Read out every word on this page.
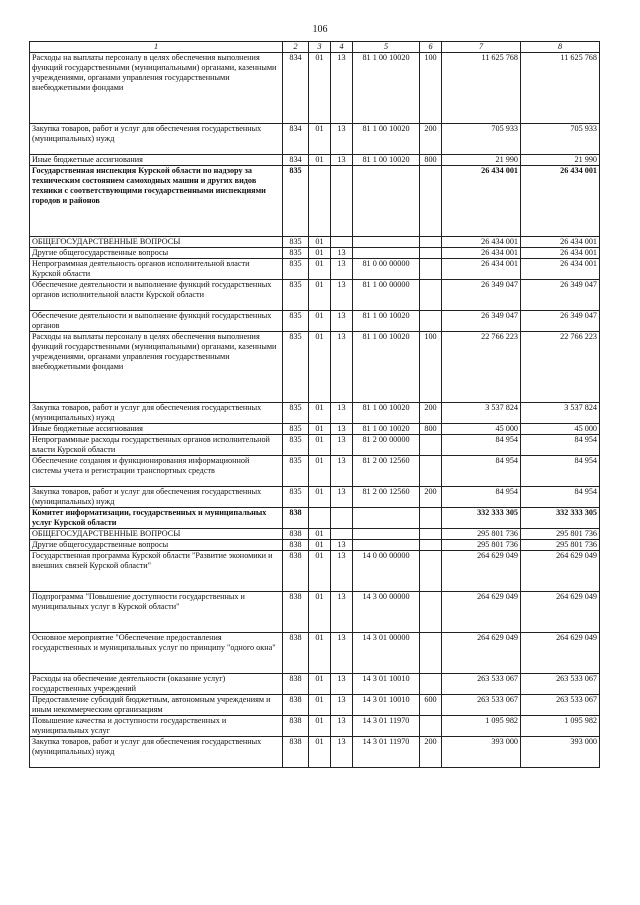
106
1	2	3	4	5	6	7	8
Расходы на выплаты персоналу в целях обеспечения выполнения функций государственными (муниципальными) органами, казенными учреждениями, органами управления государственными внебюджетными фондами	834	01	13	81 1 00 10020	100	11 625 768	11 625 768
Закупка товаров, работ и услуг для обеспечения государственных (муниципальных) нужд	834	01	13	81 1 00 10020	200	705 933	705 933
Иные бюджетные ассигнования	834	01	13	81 1 00 10020	800	21 990	21 990
Государственная инспекция Курской области по надзору за техническим состоянием самоходных машин и других видов техники с соответствующими государственными инспекциями городов и районов	835					26 434 001	26 434 001
ОБЩЕГОСУДАРСТВЕННЫЕ ВОПРОСЫ	835	01				26 434 001	26 434 001
Другие общегосударственные вопросы	835	01	13			26 434 001	26 434 001
Непрограммная деятельность органов исполнительной власти Курской области	835	01	13	81 0 00 00000		26 434 001	26 434 001
Обеспечение деятельности и выполнение функций государственных органов исполнительной власти Курской области	835	01	13	81 1 00 00000		26 349 047	26 349 047
Обеспечение деятельности и выполнение функций государственных органов	835	01	13	81 1 00 10020		26 349 047	26 349 047
Расходы на выплаты персоналу в целях обеспечения выполнения функций государственными (муниципальными) органами, казенными учреждениями, органами управления государственными внебюджетными фондами	835	01	13	81 1 00 10020	100	22 766 223	22 766 223
Закупка товаров, работ и услуг для обеспечения государственных (муниципальных) нужд	835	01	13	81 1 00 10020	200	3 537 824	3 537 824
Иные бюджетные ассигнования	835	01	13	81 1 00 10020	800	45 000	45 000
Непрограммные расходы государственных органов исполнительной власти Курской области	835	01	13	81 2 00 00000		84 954	84 954
Обеспечение создания и функционирования информационной системы учета и регистрации транспортных средств	835	01	13	81 2 00 12560		84 954	84 954
Закупка товаров, работ и услуг для обеспечения государственных (муниципальных) нужд	835	01	13	81 2 00 12560	200	84 954	84 954
Комитет информатизации, государственных и муниципальных услуг Курской области	838					332 333 305	332 333 305
ОБЩЕГОСУДАРСТВЕННЫЕ ВОПРОСЫ	838	01				295 801 736	295 801 736
Другие общегосударственные вопросы	838	01	13			295 801 736	295 801 736
Государственная программа Курской области "Развитие экономики и внешних связей Курской области"	838	01	13	14 0 00 00000		264 629 049	264 629 049
Подпрограмма "Повышение доступности государственных и муниципальных услуг в Курской области"	838	01	13	14 3 00 00000		264 629 049	264 629 049
Основное мероприятие "Обеспечение предоставления государственных и муниципальных услуг по принципу "одного окна"	838	01	13	14 3 01 00000		264 629 049	264 629 049
Расходы на обеспечение деятельности (оказание услуг) государственных учреждений	838	01	13	14 3 01 10010		263 533 067	263 533 067
Предоставление субсидий бюджетным, автономным учреждениям и иным некоммерческим организациям	838	01	13	14 3 01 10010	600	263 533 067	263 533 067
Повышение качества и доступности государственных и муниципальных услуг	838	01	13	14 3 01 11970		1 095 982	1 095 982
Закупка товаров, работ и услуг для обеспечения государственных (муниципальных) нужд	838	01	13	14 3 01 11970	200	393 000	393 000
